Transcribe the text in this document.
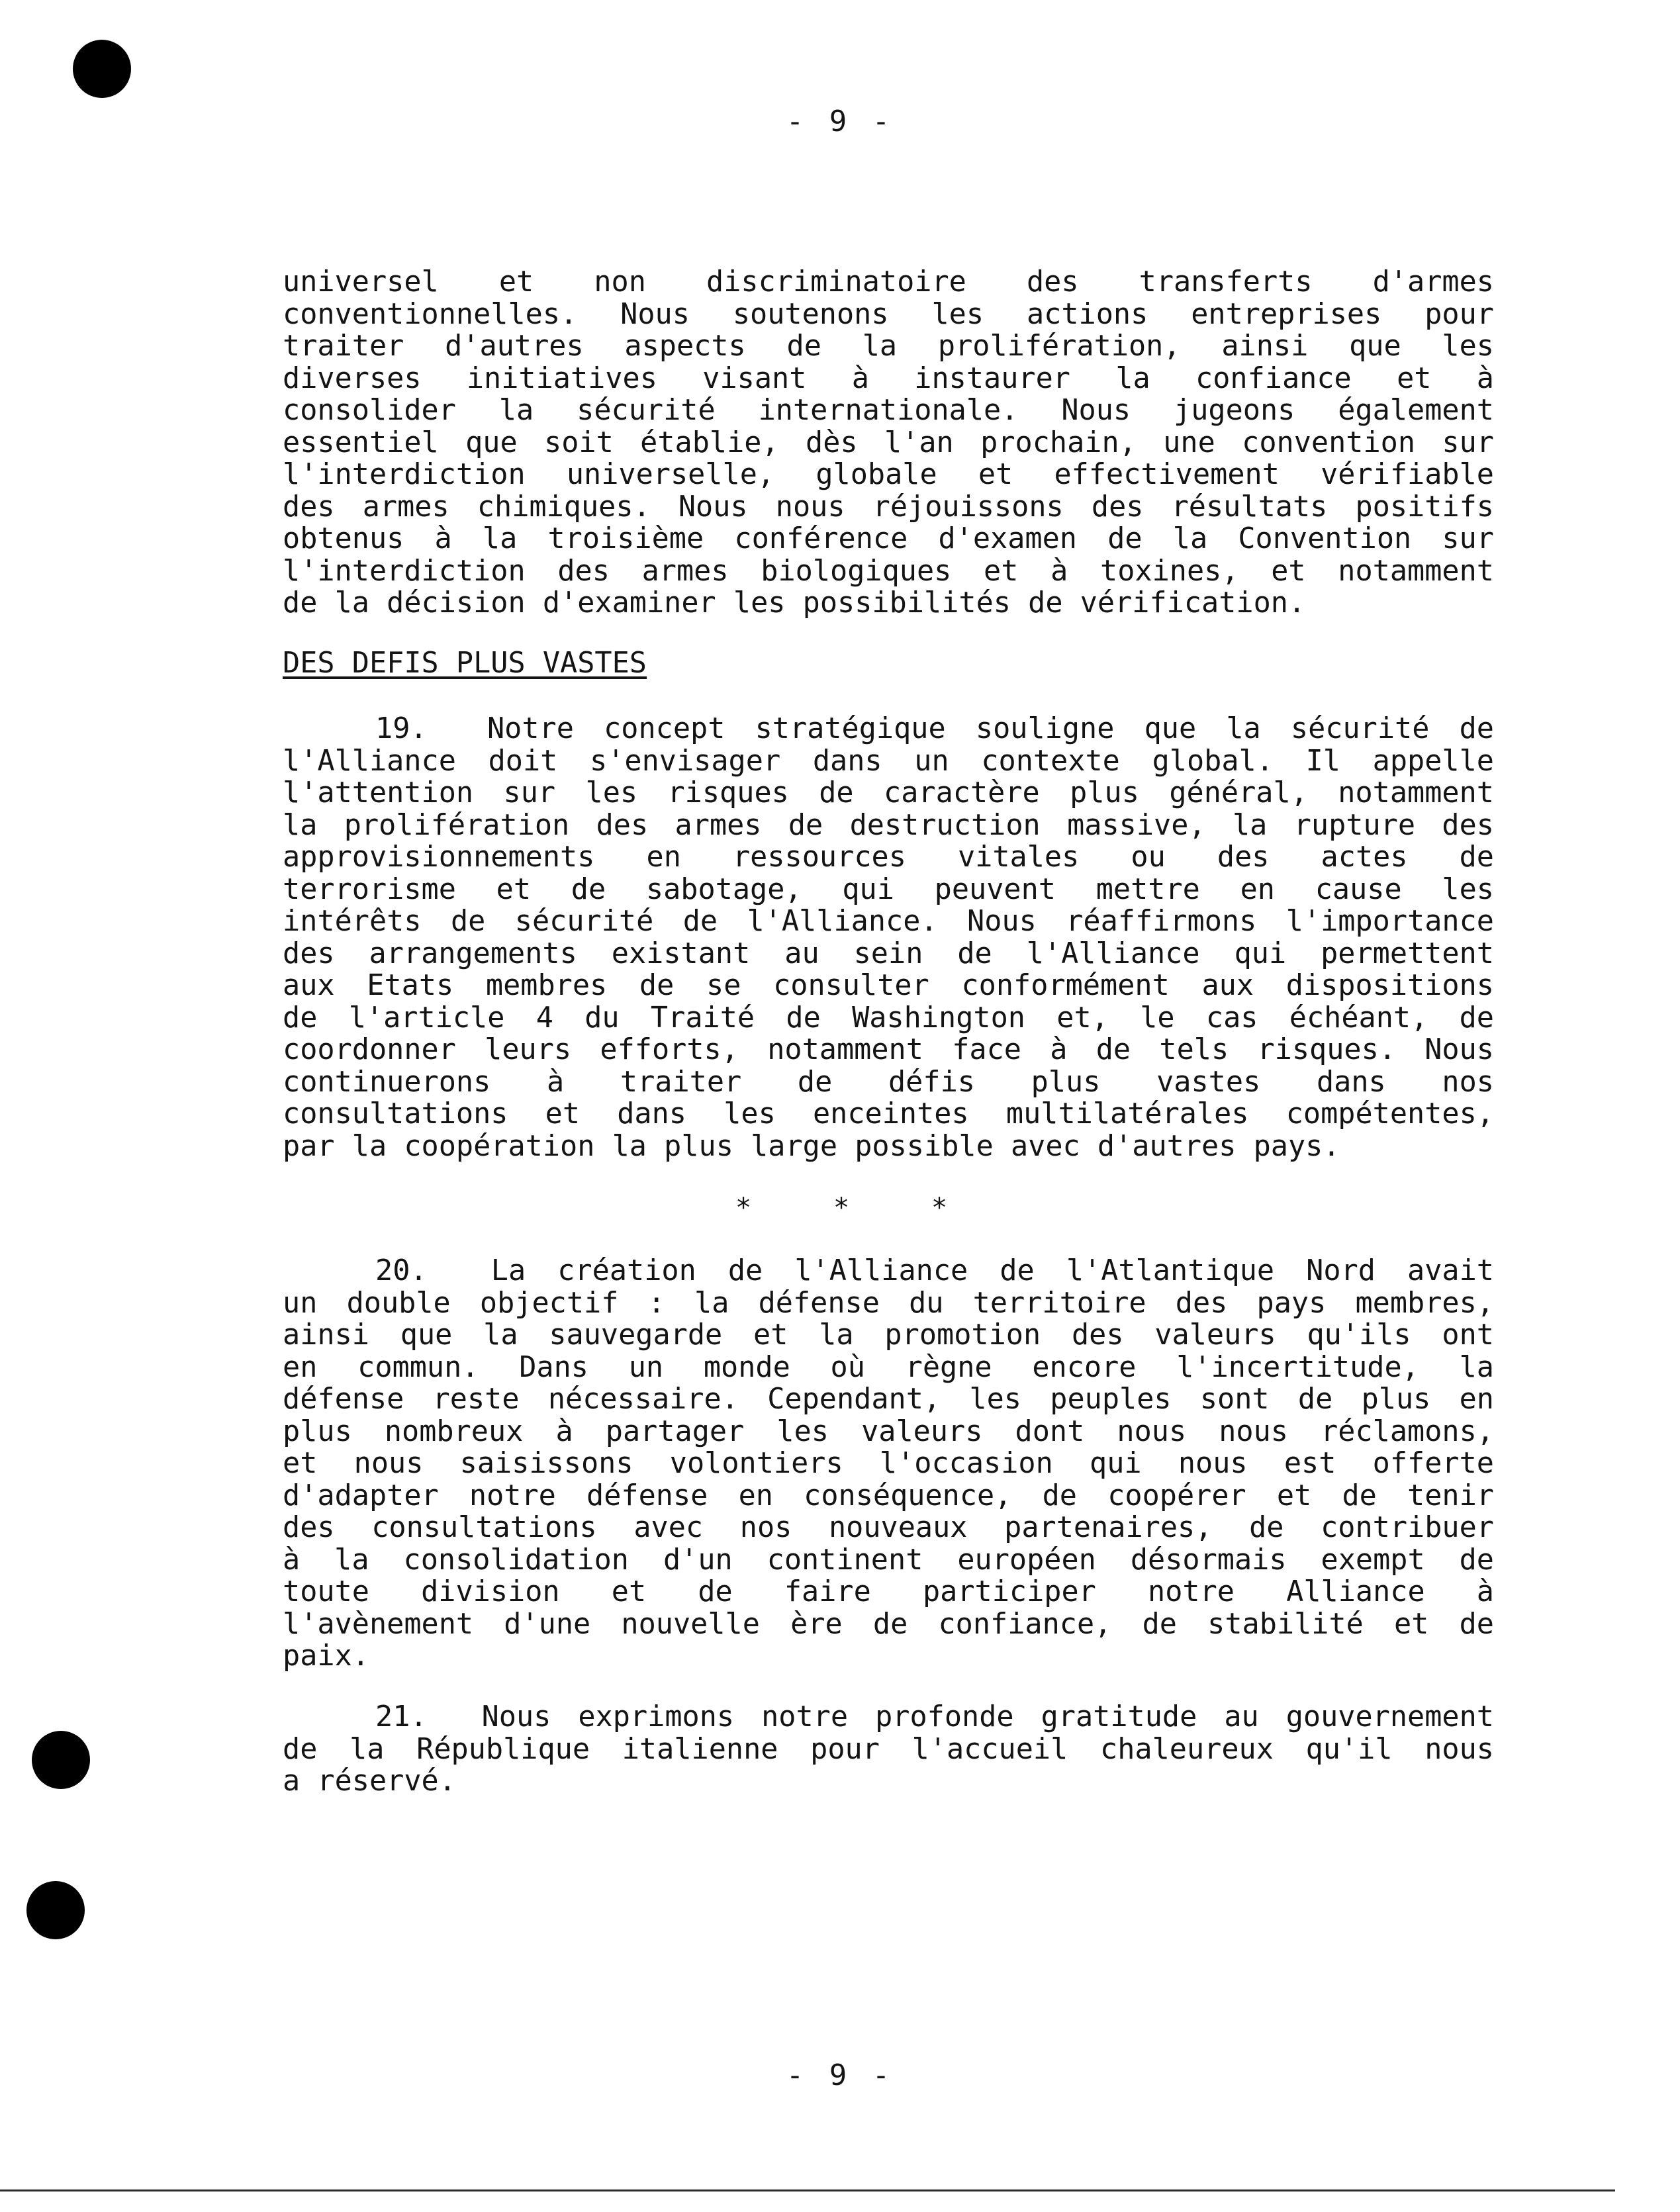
- 9 -
universel et non discriminatoire des transferts d'armes
conventionnelles. Nous soutenons les actions entreprises pour
traiter d'autres aspects de la prolifération, ainsi que les
diverses initiatives visant à instaurer la confiance et à
consolider la sécurité internationale. Nous jugeons également
essentiel que soit établie, dès l'an prochain, une convention sur
l'interdiction universelle, globale et effectivement vérifiable
des armes chimiques. Nous nous réjouissons des résultats positifs
obtenus à la troisième conférence d'examen de la Convention sur
l'interdiction des armes biologiques et à toxines, et notamment
de la décision d'examiner les possibilités de vérification.
DES DEFIS PLUS VASTES
19.  Notre concept stratégique souligne que la sécurité de
l'Alliance doit s'envisager dans un contexte global. Il appelle
l'attention sur les risques de caractère plus général, notamment
la prolifération des armes de destruction massive, la rupture des
approvisionnements en ressources vitales ou des actes de
terrorisme et de sabotage, qui peuvent mettre en cause les
intérêts de sécurité de l'Alliance. Nous réaffirmons l'importance
des arrangements existant au sein de l'Alliance qui permettent
aux Etats membres de se consulter conformément aux dispositions
de l'article 4 du Traité de Washington et, le cas échéant, de
coordonner leurs efforts, notamment face à de tels risques. Nous
continuerons à traiter de défis plus vastes dans nos
consultations et dans les enceintes multilatérales compétentes,
par la coopération la plus large possible avec d'autres pays.
*	*	*
20.  La création de l'Alliance de l'Atlantique Nord avait
un double objectif : la défense du territoire des pays membres,
ainsi que la sauvegarde et la promotion des valeurs qu'ils ont
en commun. Dans un monde où règne encore l'incertitude, la
défense reste nécessaire. Cependant, les peuples sont de plus en
plus nombreux à partager les valeurs dont nous nous réclamons,
et nous saisissons volontiers l'occasion qui nous est offerte
d'adapter notre défense en conséquence, de coopérer et de tenir
des consultations avec nos nouveaux partenaires, de contribuer
à la consolidation d'un continent européen désormais exempt de
toute division et de faire participer notre Alliance à
l'avènement d'une nouvelle ère de confiance, de stabilité et de
paix.
21.  Nous exprimons notre profonde gratitude au gouvernement
de la République italienne pour l'accueil chaleureux qu'il nous
a réservé.
- 9 -
